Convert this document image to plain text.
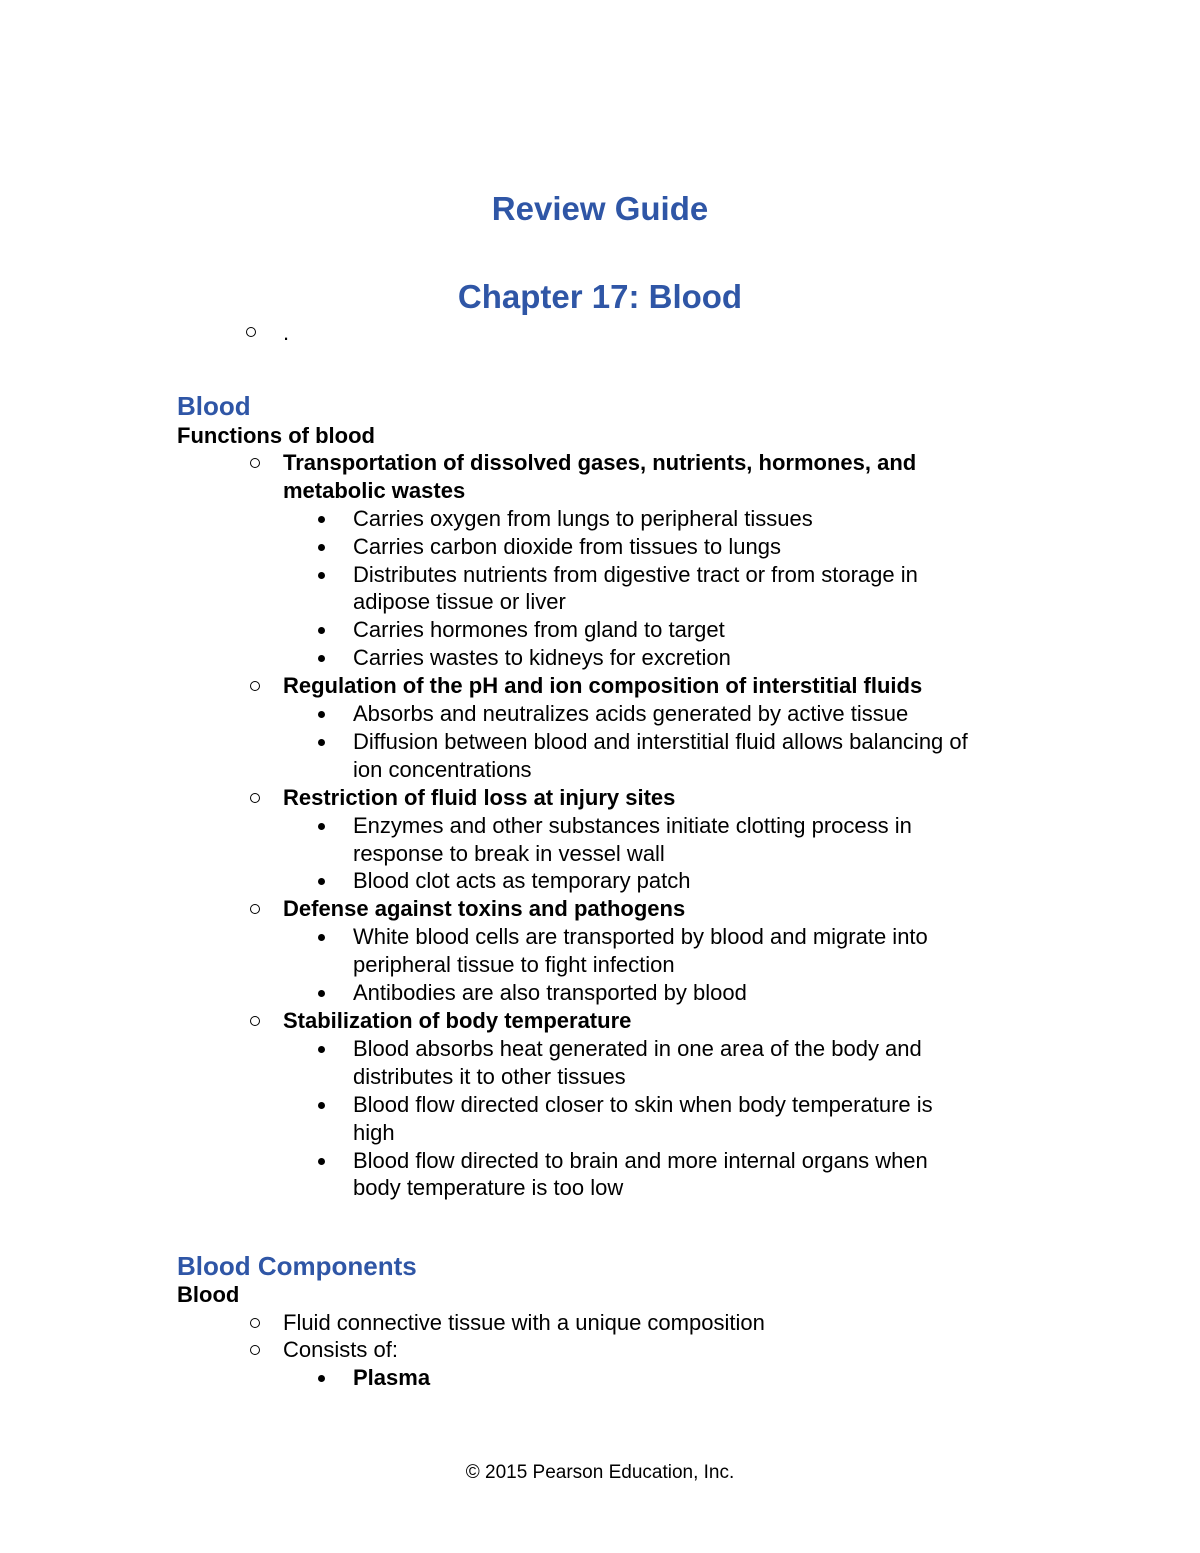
Review Guide
Chapter 17: Blood
.
Blood
Functions of blood
Transportation of dissolved gases, nutrients, hormones, and
metabolic wastes
Carries oxygen from lungs to peripheral tissues
Carries carbon dioxide from tissues to lungs
Distributes nutrients from digestive tract or from storage in
adipose tissue or liver
Carries hormones from gland to target
Carries wastes to kidneys for excretion
Regulation of the pH and ion composition of interstitial fluids
Absorbs and neutralizes acids generated by active tissue
Diffusion between blood and interstitial fluid allows balancing of
ion concentrations
Restriction of fluid loss at injury sites
Enzymes and other substances initiate clotting process in
response to break in vessel wall
Blood clot acts as temporary patch
Defense against toxins and pathogens
White blood cells are transported by blood and migrate into
peripheral tissue to fight infection
Antibodies are also transported by blood
Stabilization of body temperature
Blood absorbs heat generated in one area of the body and
distributes it to other tissues
Blood flow directed closer to skin when body temperature is
high
Blood flow directed to brain and more internal organs when
body temperature is too low
Blood Components
Blood
Fluid connective tissue with a unique composition
Consists of:
Plasma
© 2015 Pearson Education, Inc.
